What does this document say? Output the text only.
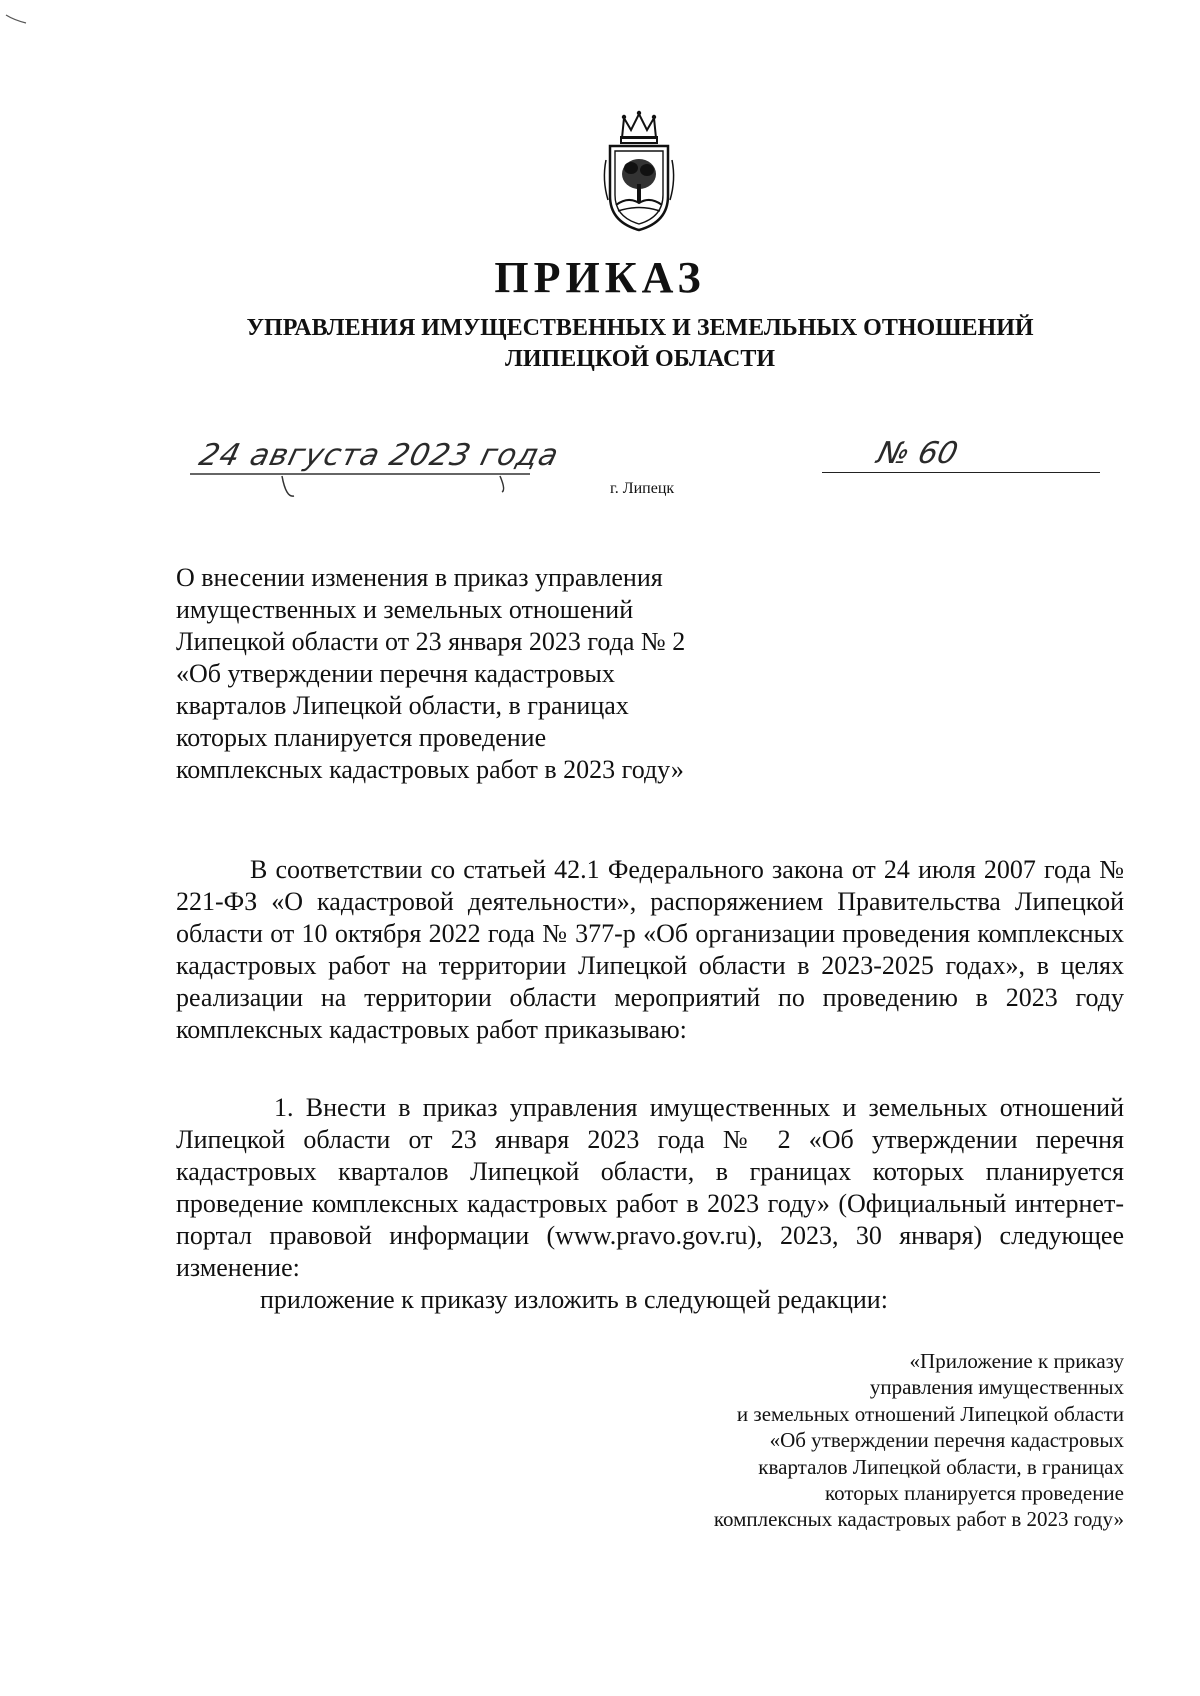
ПРИКАЗ
УПРАВЛЕНИЯ ИМУЩЕСТВЕННЫХ И ЗЕМЕЛЬНЫХ ОТНОШЕНИЙ
ЛИПЕЦКОЙ ОБЛАСТИ
24 августа 2023 года
г. Липецк
№ 60
О внесении изменения в приказ управления
имущественных и земельных отношений
Липецкой области от 23 января 2023 года № 2
«Об утверждении перечня кадастровых
кварталов Липецкой области, в границах
которых планируется проведение
комплексных кадастровых работ в 2023 году»

В соответствии со статьей 42.1 Федерального закона от 24 июля 2007 года № 221-ФЗ «О кадастровой деятельности», распоряжением Правительства Липецкой области от 10 октября 2022 года № 377-р «Об организации проведения комплексных кадастровых работ на территории Липецкой области в 2023-2025 годах», в целях реализации на территории области мероприятий по проведению в 2023 году комплексных кадастровых работ приказываю:

1. Внести в приказ управления имущественных и земельных отношений Липецкой области от 23 января 2023 года № 2 «Об утверждении перечня кадастровых кварталов Липецкой области, в границах которых планируется проведение комплексных кадастровых работ в 2023 году» (Официальный интернет-портал правовой информации (www.pravo.gov.ru), 2023, 30 января) следующее изменение:

приложение к приказу изложить в следующей редакции:

«Приложение к приказу
управления имущественных
и земельных отношений Липецкой области
«Об утверждении перечня кадастровых
кварталов Липецкой области, в границах
которых планируется проведение
комплексных кадастровых работ в 2023 году»
